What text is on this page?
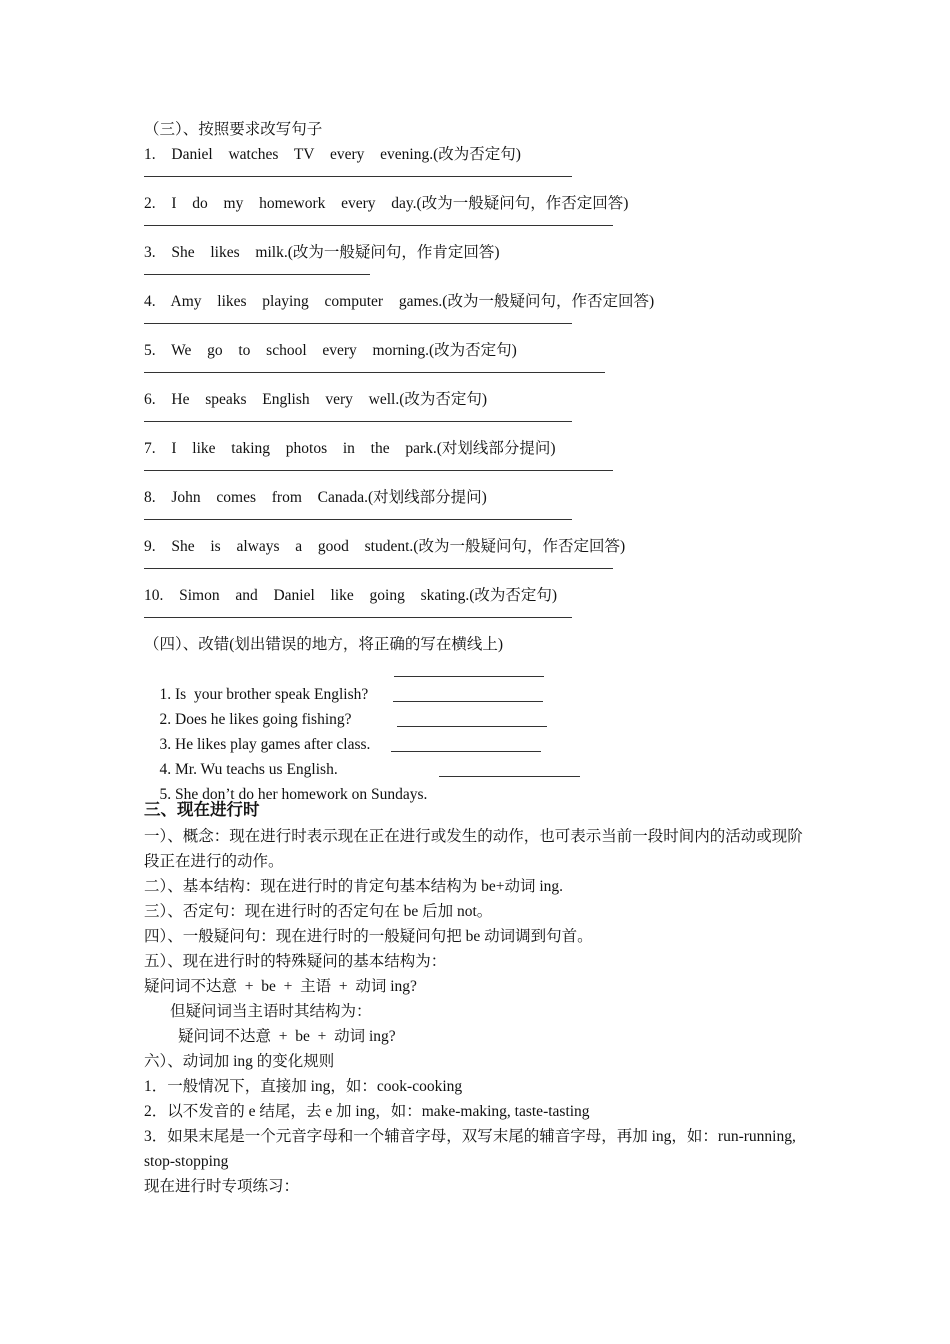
（三）、按照要求改写句子
1.  Daniel  watches  TV  every  evening.(改为否定句)
2.  I  do  my  homework  every  day.(改为一般疑问句，作否定回答)
3.  She  likes  milk.(改为一般疑问句，作肯定回答)
4.  Amy  likes  playing  computer  games.(改为一般疑问句，作否定回答)
5.  We  go  to  school  every  morning.(改为否定句)
6.  He  speaks  English  very  well.(改为否定句)
7.  I  like  taking  photos  in  the  park.(对划线部分提问)
8.  John  comes  from  Canada.(对划线部分提问)
9.  She  is  always  a  good  student.(改为一般疑问句，作否定回答)
10.  Simon  and  Daniel  like  going  skating.(改为否定句)
（四）、改错(划出错误的地方，将正确的写在横线上)

1. Is  your brother speak English?

2. Does he likes going fishing?

3. He likes play games after class.

4. Mr. Wu teachs us English.

5. She don’t do her homework on Sundays.

三、现在进行时
一）、概念：现在进行时表示现在正在进行或发生的动作，也可表示当前一段时间内的活动或现阶段正在进行的动作。
二）、基本结构：现在进行时的肯定句基本结构为 be+动词 ing.
三）、否定句：现在进行时的否定句在 be 后加 not。
四）、一般疑问句：现在进行时的一般疑问句把 be 动词调到句首。
五）、现在进行时的特殊疑问的基本结构为：
疑问词不达意  +  be  +  主语  +  动词 ing?
但疑问词当主语时其结构为：
疑问词不达意  +  be  +  动词 ing?
六）、动词加 ing 的变化规则
1．一般情况下，直接加 ing，如：cook-cooking
2．以不发音的 e 结尾，去 e 加 ing，如：make-making, taste-tasting
3．如果末尾是一个元音字母和一个辅音字母，双写末尾的辅音字母，再加 ing，如：run-running, stop-stopping
现在进行时专项练习：
